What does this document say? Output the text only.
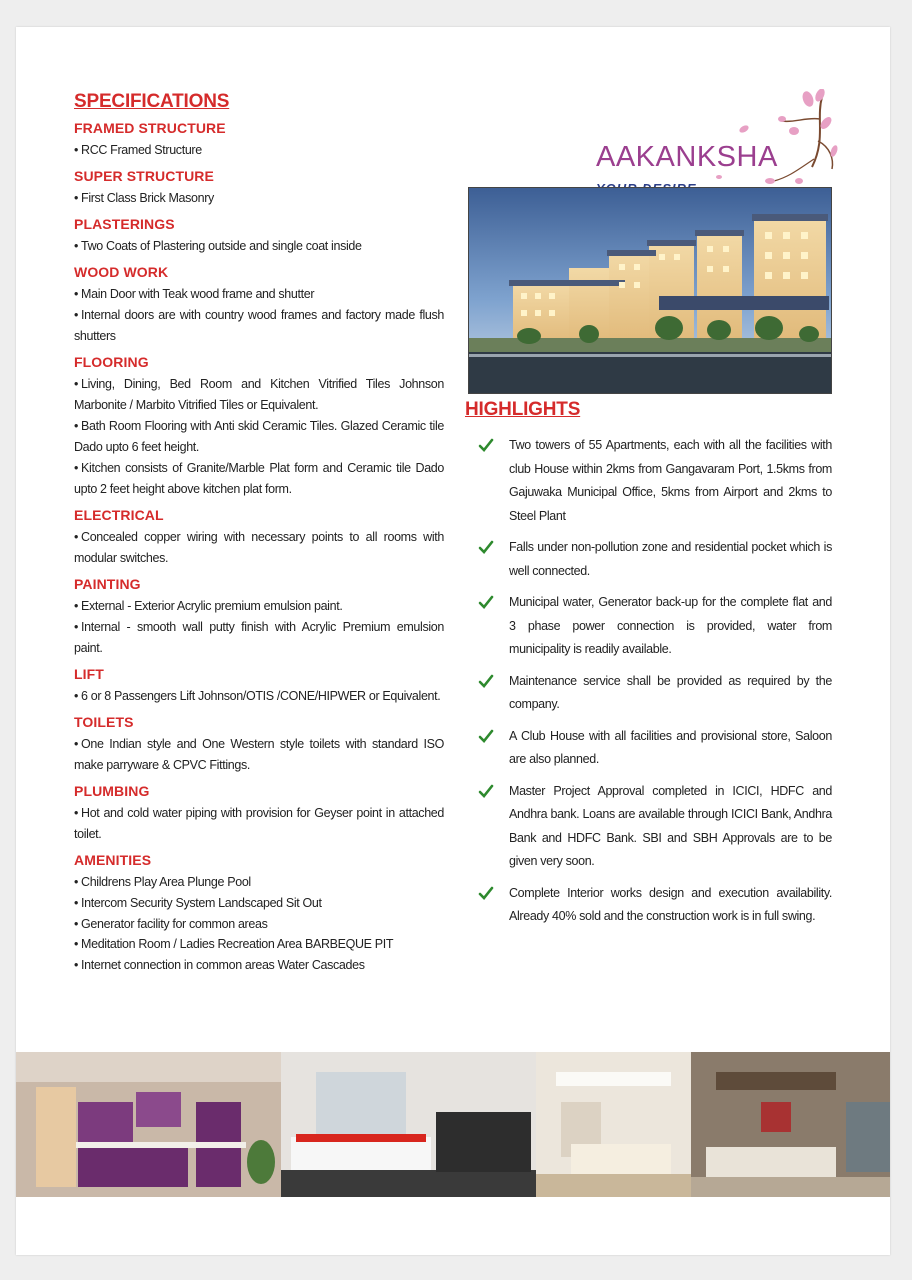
SPECIFICATIONS
FRAMED STRUCTURE
• RCC Framed Structure
SUPER STRUCTURE
• First Class Brick Masonry
PLASTERINGS
• Two Coats of Plastering outside and single coat inside
WOOD WORK
• Main Door with Teak wood frame and shutter
• Internal doors are with country wood frames and factory made flush shutters
FLOORING
• Living, Dining, Bed Room and Kitchen Vitrified Tiles Johnson Marbonite / Marbito Vitrified Tiles or Equivalent.
• Bath Room Flooring with Anti skid Ceramic Tiles. Glazed Ceramic tile Dado upto 6 feet height.
• Kitchen consists of Granite/Marble Plat form and Ceramic tile Dado upto 2 feet height above kitchen plat form.
ELECTRICAL
• Concealed copper wiring with necessary points to all rooms with modular switches.
PAINTING
• External - Exterior Acrylic premium emulsion paint.
• Internal - smooth wall putty finish with Acrylic Premium emulsion paint.
LIFT
• 6 or 8 Passengers Lift Johnson/OTIS /CONE/HIPWER or Equivalent.
TOILETS
• One Indian style and One Western style toilets with standard ISO make parryware & CPVC Fittings.
PLUMBING
• Hot and cold water piping with provision for Geyser point in attached toilet.
AMENITIES
• Childrens Play Area Plunge Pool
• Intercom Security System Landscaped Sit Out
• Generator facility for common areas
• Meditation Room / Ladies Recreation Area BARBEQUE PIT
• Internet connection in common areas Water Cascades
AAKANKSHA
HIGHLIGHTS
Two towers of 55 Apartments, each with all the facilities with club House within 2kms from Gangavaram Port, 1.5kms from Gajuwaka Municipal Office, 5kms from Airport and 2kms to Steel Plant
Falls under non-pollution zone and residential pocket which is well connected.
Municipal water, Generator back-up for the complete flat and 3 phase power connection is provided, water from municipality is readily available.
Maintenance service shall be provided as required by the company.
A Club House with all facilities and provisional store, Saloon are also planned.
Master Project Approval completed in ICICI, HDFC and Andhra bank. Loans are available through ICICI Bank, Andhra Bank and HDFC Bank. SBI and SBH Approvals are to be given very soon.
Complete Interior works design and execution availability. Already 40% sold and the construction work is in full swing.
